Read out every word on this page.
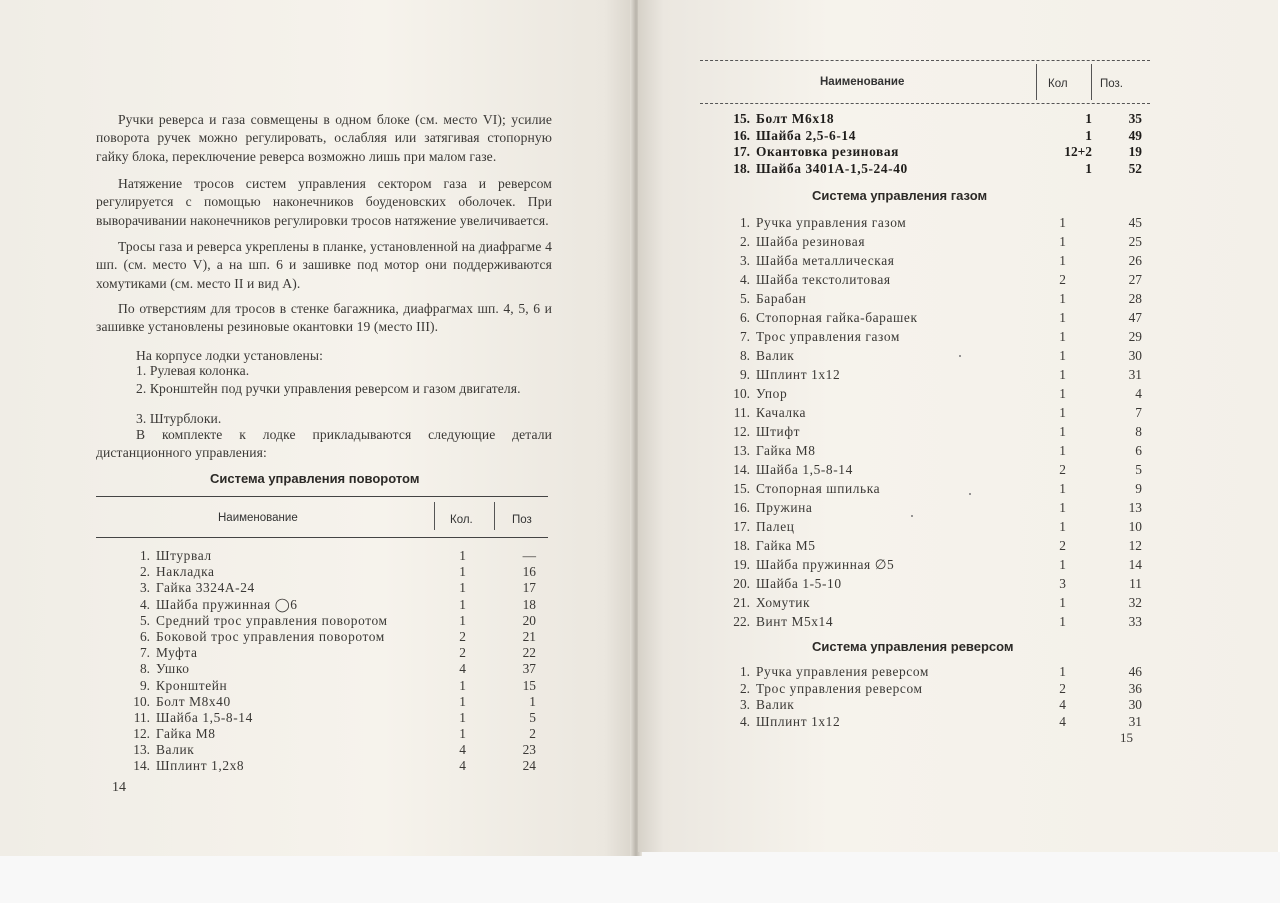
Ручки реверса и газа совмещены в одном блоке (см. место VI); усилие поворота ручек можно регулировать, ослабляя или затягивая стопорную гайку блока, переключение реверса возможно лишь при малом газе.

Натяжение тросов систем управления сектором газа и реверсом регулируется с помощью наконечников боуденовских оболочек. При выворачивании наконечников регулировки тросов натяжение увеличивается.

Тросы газа и реверса укреплены в планке, установленной на диафрагме 4 шп. (см. место V), а на шп. 6 и зашивке под мотор они поддерживаются хомутиками (см. место II и вид А).

По отверстиям для тросов в стенке багажника, диафрагмах шп. 4, 5, 6 и зашивке установлены резиновые окантовки 19 (место III).

На корпусе лодки установлены:

1. Рулевая колонка.

2. Кронштейн под ручки управления реверсом и газом двигателя.

3. Штурблоки.

В комплекте к лодке прикладываются следующие детали дистанционного управления:

Система управления поворотом
Наименование	Кол.	Поз
1. Штурвал	1	—
2. Накладка	1	16
3. Гайка 3324А-24	1	17
4. Шайба пружинная ◯6	1	18
5. Средний трос управления поворотом	1	20
6. Боковой трос управления поворотом	2	21
7. Муфта	2	22
8. Ушко	4	37
9. Кронштейн	1	15
10. Болт М8х40	1	1
11. Шайба 1,5-8-14	1	5
12. Гайка М8	1	2
13. Валик	4	23
14. Шплинт 1,2х8	4	24
14
Наименование	Кол	Поз.
15. Болт М6х18	1	35
16. Шайба 2,5-6-14	1	49
17. Окантовка резиновая	12+2	19
18. Шайба 3401А-1,5-24-40	1	52
Система управления газом
1. Ручка управления газом	1	45
2. Шайба резиновая	1	25
3. Шайба металлическая	1	26
4. Шайба текстолитовая	2	27
5. Барабан	1	28
6. Стопорная гайка-барашек	1	47
7. Трос управления газом	1	29
8. Валик	1	30
9. Шплинт 1х12	1	31
10. Упор	1	4
11. Качалка	1	7
12. Штифт	1	8
13. Гайка М8	1	6
14. Шайба 1,5-8-14	2	5
15. Стопорная шпилька	1	9
16. Пружина	1	13
17. Палец	1	10
18. Гайка М5	2	12
19. Шайба пружинная ∅5	1	14
20. Шайба 1-5-10	3	11
21. Хомутик	1	32
22. Винт М5х14	1	33
Система управления реверсом
1. Ручка управления реверсом	1	46
2. Трос управления реверсом	2	36
3. Валик	4	30
4. Шплинт 1х12	4	31
15
